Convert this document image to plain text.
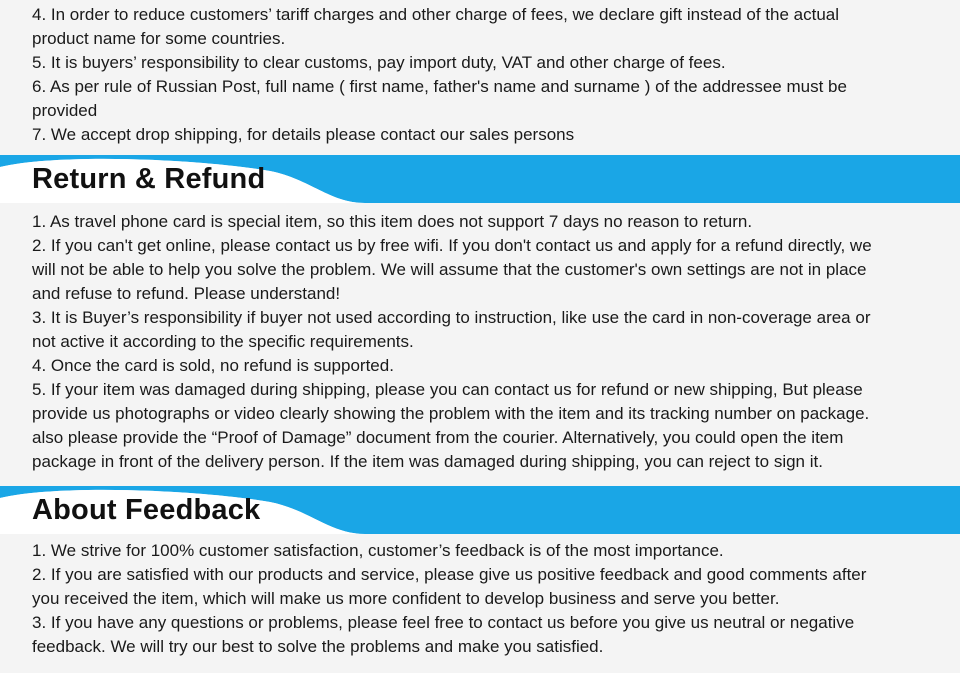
4. In order to reduce customers’ tariff charges and other charge of fees, we declare gift instead of the actual
product name for some countries.
5. It is buyers’ responsibility to clear customs, pay import duty, VAT and other charge of fees.
6. As per rule of Russian Post, full name ( first name, father's name and surname ) of the addressee must be
provided
7. We accept drop shipping, for details please contact our sales persons
Return & Refund
1. As travel phone card is special item, so this item does not support 7 days no reason to return.
2. If you can't get online, please contact us by free wifi. If you don't contact us and apply for a refund directly, we
will not be able to help you solve the problem. We will assume that the customer's own settings are not in place
and refuse to refund. Please understand!
3. It is Buyer’s responsibility if buyer not used according to instruction, like use the card in non-coverage area or
not active it according to the specific requirements.
4. Once the card is sold, no refund is supported.
5. If your item was damaged during shipping, please you can contact us for refund or new shipping, But please
provide us photographs or video clearly showing the problem with the item and its tracking number on package.
also please provide the “Proof of Damage” document from the courier. Alternatively, you could open the item
package in front of the delivery person. If the item was damaged during shipping, you can reject to sign it.
About Feedback
1. We strive for 100% customer satisfaction, customer’s feedback is of the most importance.
2. If you are satisfied with our products and service, please give us positive feedback and good comments after
you received the item, which will make us more confident to develop business and serve you better.
3. If you have any questions or problems, please feel free to contact us before you give us neutral or negative
feedback. We will try our best to solve the problems and make you satisfied.
